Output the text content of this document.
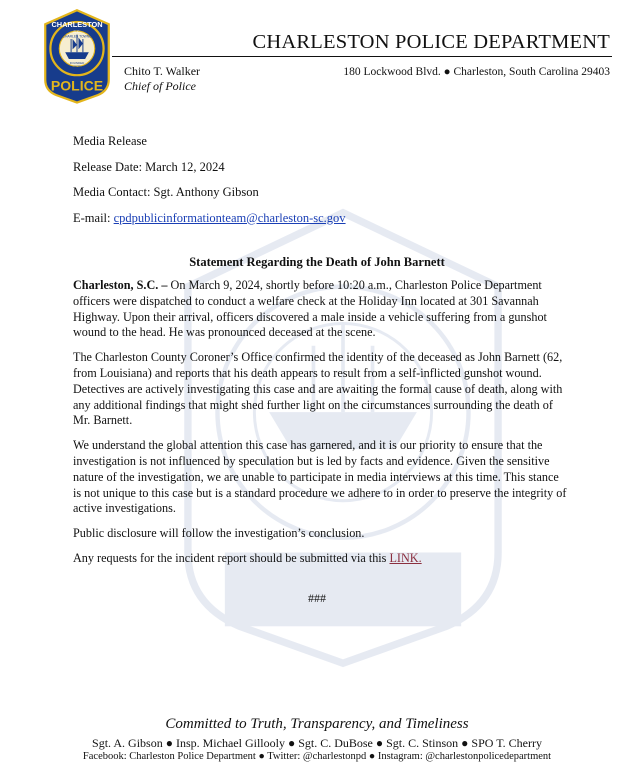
CHARLESTON
S.C.
CHARLES TOWNE
FOUNDED
1670
POLICE
CHARLESTON POLICE DEPARTMENT
Chito T. Walker
Chief of Police
180 Lockwood Blvd. ● Charleston, South Carolina 29403
Media Release
Release Date: March 12, 2024
Media Contact: Sgt. Anthony Gibson
E-mail: cpdpublicinformationteam@charleston-sc.gov
Statement Regarding the Death of John Barnett

Charleston, S.C. – On March 9, 2024, shortly before 10:20 a.m., Charleston Police Department officers were dispatched to conduct a welfare check at the Holiday Inn located at 301 Savannah Highway. Upon their arrival, officers discovered a male inside a vehicle suffering from a gunshot wound to the head. He was pronounced deceased at the scene.

The Charleston County Coroner’s Office confirmed the identity of the deceased as John Barnett (62, from Louisiana) and reports that his death appears to result from a self-inflicted gunshot wound. Detectives are actively investigating this case and are awaiting the formal cause of death, along with any additional findings that might shed further light on the circumstances surrounding the death of Mr. Barnett.

We understand the global attention this case has garnered, and it is our priority to ensure that the investigation is not influenced by speculation but is led by facts and evidence. Given the sensitive nature of the investigation, we are unable to participate in media interviews at this time. This stance is not unique to this case but is a standard procedure we adhere to in order to preserve the integrity of active investigations.

Public disclosure will follow the investigation’s conclusion.

Any requests for the incident report should be submitted via this LINK.

###
Committed to Truth, Transparency, and Timeliness
Sgt. A. Gibson ● Insp. Michael Gillooly ● Sgt. C. DuBose ● Sgt. C. Stinson ● SPO T. Cherry
Facebook: Charleston Police Department ● Twitter: @charlestonpd ● Instagram: @charlestonpolicedepartment
